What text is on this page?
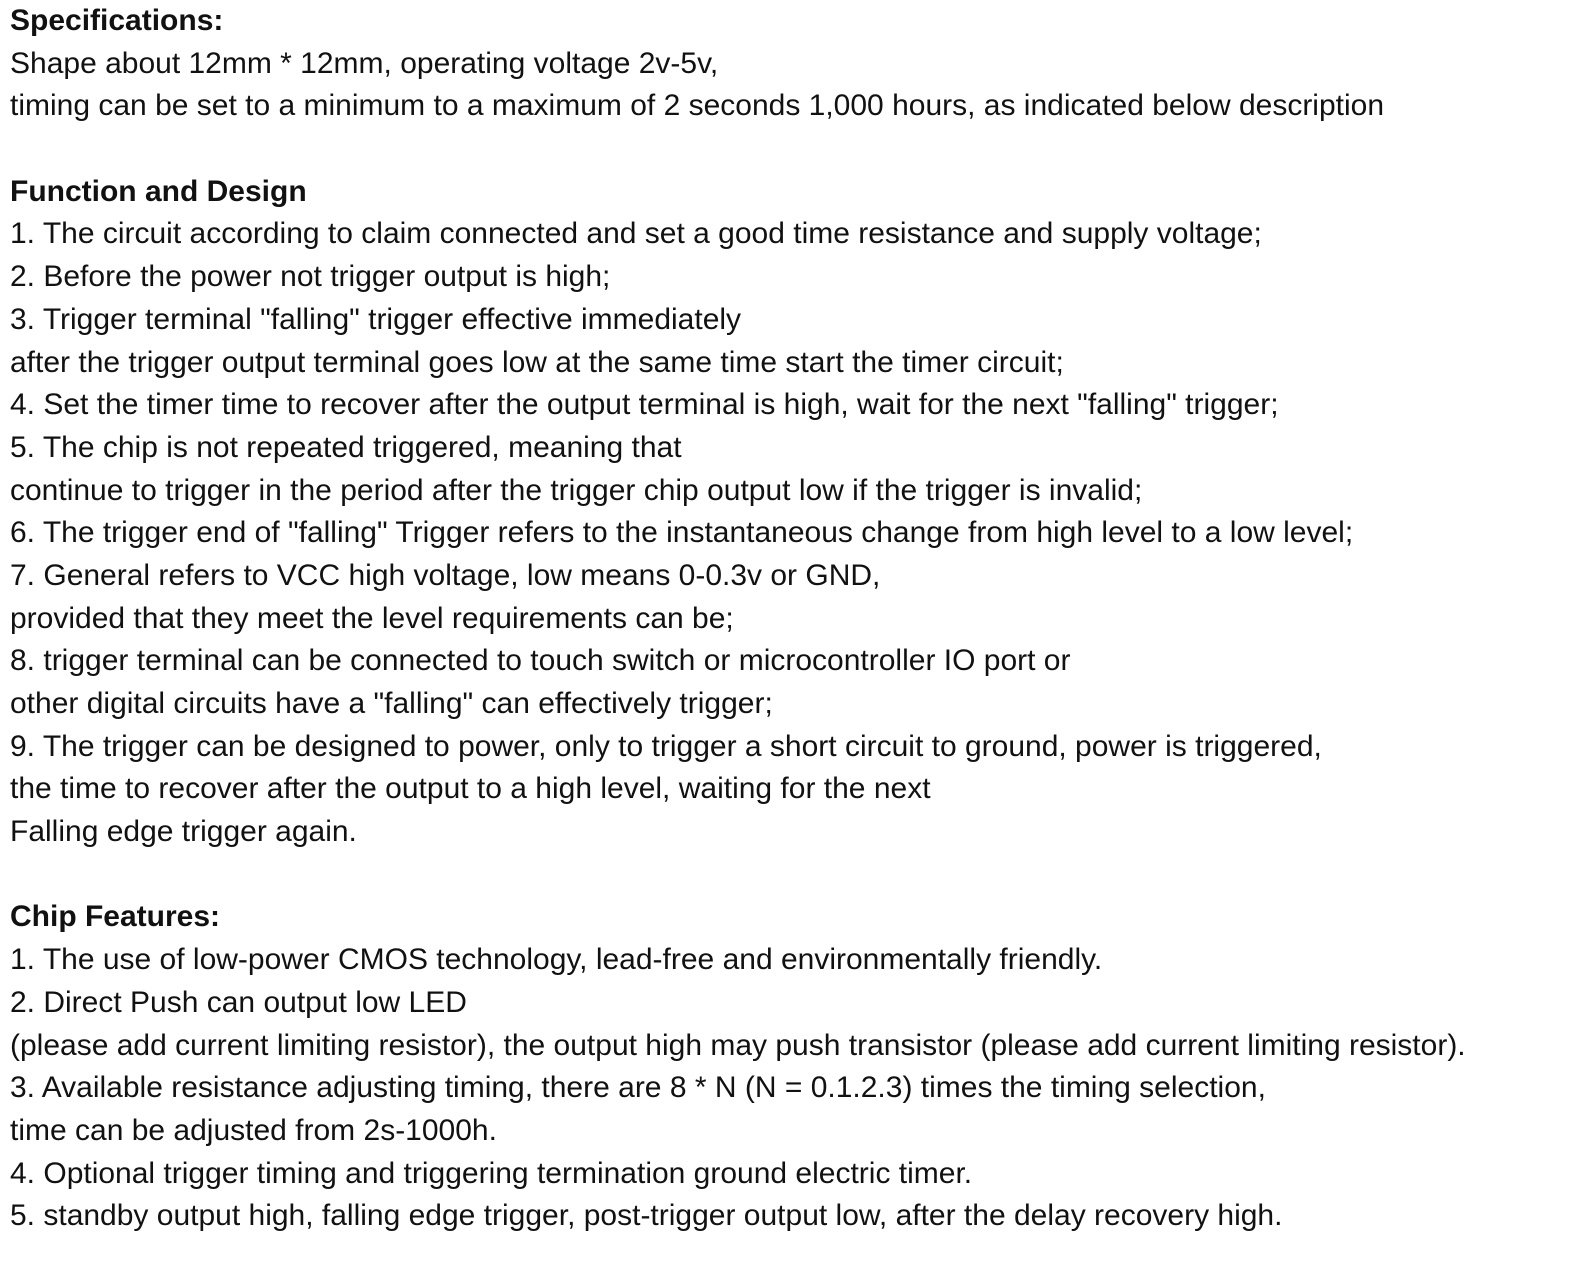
Specifications:
Shape about 12mm * 12mm, operating voltage 2v-5v,
timing can be set to a minimum to a maximum of 2 seconds 1,000 hours, as indicated below description
Function and Design
1. The circuit according to claim connected and set a good time resistance and supply voltage;
2. Before the power not trigger output is high;
3. Trigger terminal "falling" trigger effective immediately
after the trigger output terminal goes low at the same time start the timer circuit;
4. Set the timer time to recover after the output terminal is high, wait for the next "falling" trigger;
5. The chip is not repeated triggered, meaning that
continue to trigger in the period after the trigger chip output low if the trigger is invalid;
6. The trigger end of "falling" Trigger refers to the instantaneous change from high level to a low level;
7. General refers to VCC high voltage, low means 0-0.3v or GND,
provided that they meet the level requirements can be;
8. trigger terminal can be connected to touch switch or microcontroller IO port or
other digital circuits have a "falling" can effectively trigger;
9. The trigger can be designed to power, only to trigger a short circuit to ground, power is triggered,
the time to recover after the output to a high level, waiting for the next
Falling edge trigger again.
Chip Features:
1. The use of low-power CMOS technology, lead-free and environmentally friendly.
2. Direct Push can output low LED
(please add current limiting resistor), the output high may push transistor (please add current limiting resistor).
3. Available resistance adjusting timing, there are 8 * N (N = 0.1.2.3) times the timing selection,
time can be adjusted from 2s-1000h.
4. Optional trigger timing and triggering termination ground electric timer.
5. standby output high, falling edge trigger, post-trigger output low, after the delay recovery high.
